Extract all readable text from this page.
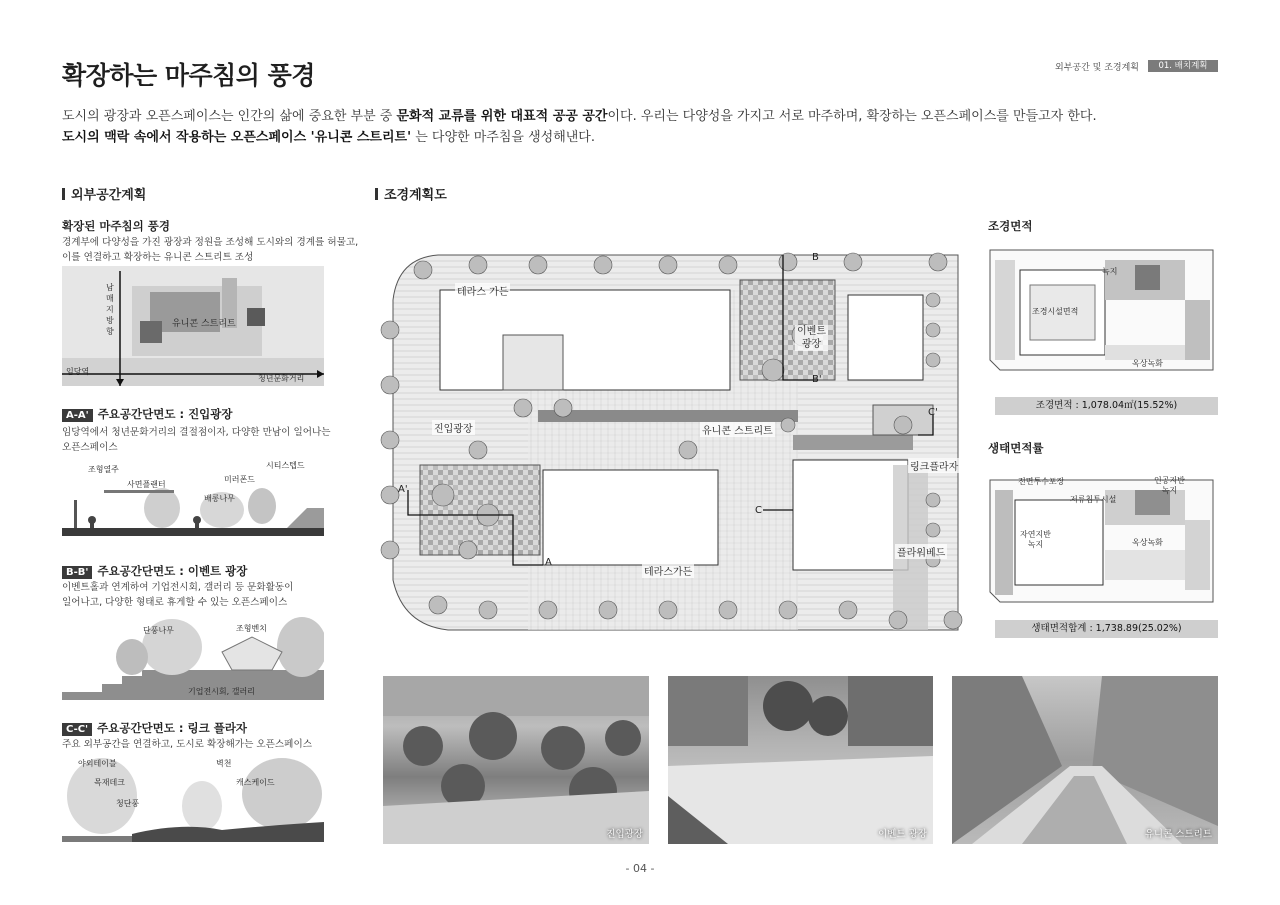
확장하는 마주침의 풍경	외부공간 및 조경계획	01. 배치계획
도시의 광장과 오픈스페이스는 인간의 삶에 중요한 부분 중 문화적 교류를 위한 대표적 공공 공간이다. 우리는 다양성을 가지고 서로 마주하며, 확장하는 오픈스페이스를 만들고자 한다.
도시의 맥락 속에서 작용하는 오픈스페이스 '유니콘 스트리트' 는 다양한 마주침을 생성해낸다.
외부공간계획
확장된 마주침의 풍경
경계부에 다양성을 가진 광장과 정원을 조성해 도시와의 경계를 허물고,
이를 연결하고 확장하는 유니콘 스트리트 조성
유니콘 스트리트
남
매
지
방
향
임당역
청년문화거리
A-A' 주요공간단면도 : 진입광장
임당역에서 청년문화거리의 결절점이자, 다양한 만남이 일어나는
오픈스페이스
조형열주
사면플랜터
미러폰드
시티스텝드
배롱나무
B-B' 주요공간단면도 : 이벤트 광장
이벤트홀과 연계하여 기업전시회, 갤러리 등 문화활동이
일어나고, 다양한 형태로 휴게할 수 있는 오픈스페이스
단풍나무	조형벤치
기업전시회, 갤러리
C-C' 주요공간단면도 : 링크 플라자
주요 외부공간을 연결하고, 도시로 확장해가는 오픈스페이스
야외테이블	벽천
목재데크	캐스케이드
청단풍
조경계획도
테라스 가든
이벤트
광장
진입광장	유니콘 스트리트
링크플라자
테라스가든
플라워베드
A'
A
B
B'
C
C'
조경면적
녹지
조경시설면적
옥상녹화
조경면적 : 1,078.04㎡(15.52%)
생태면적률
전면투수포장	인공지반
녹지
저류침투시설
자연지반
녹지	옥상녹화
생태면적합계 : 1,738.89(25.02%)
진입광장	이벤트 광장	유니콘 스트리트
- 04 -
